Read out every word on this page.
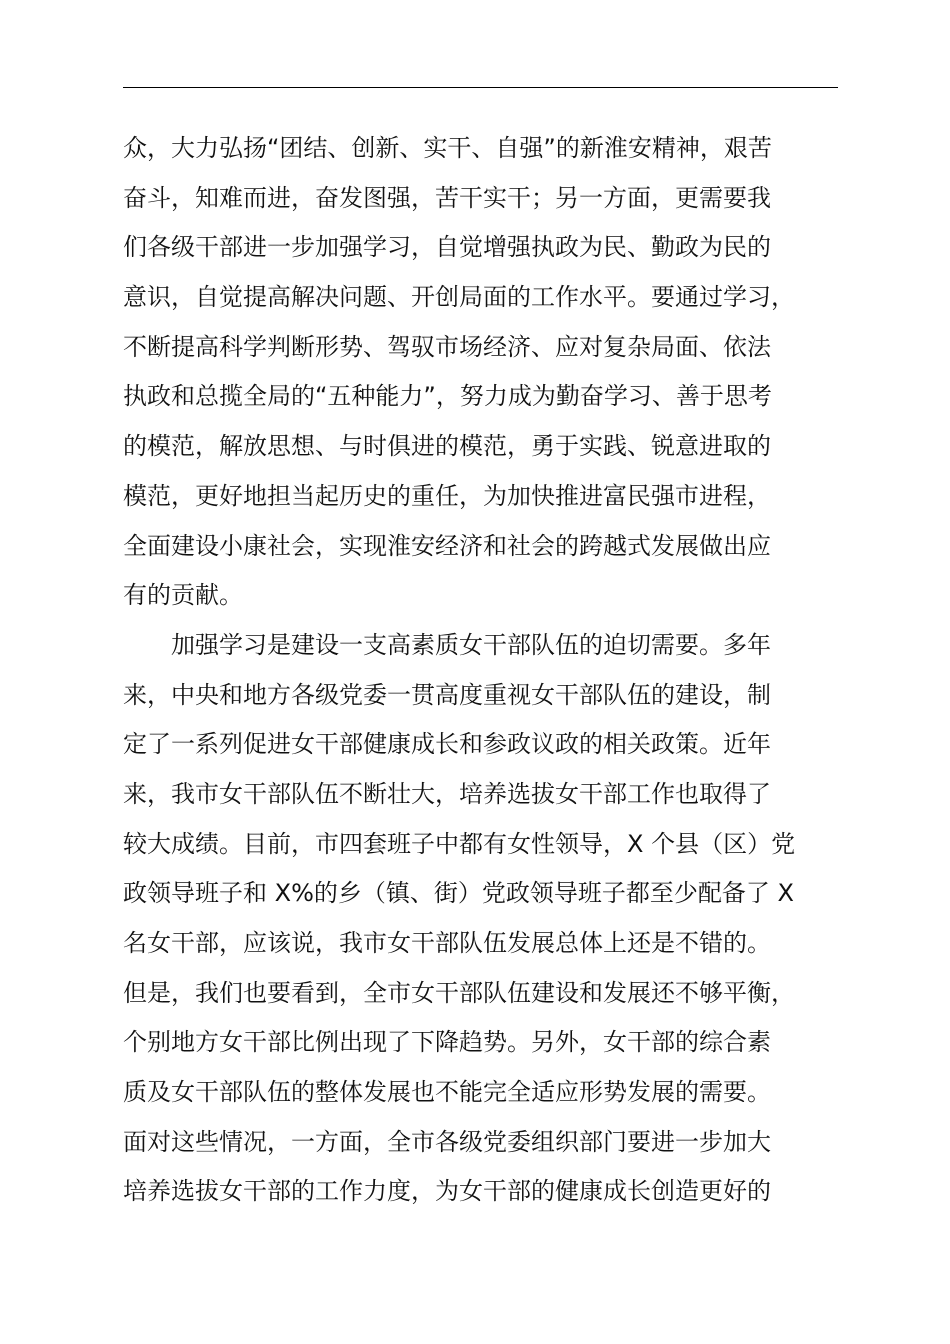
众，大力弘扬“团结、创新、实干、自强”的新淮安精神，艰苦
奋斗，知难而进，奋发图强，苦干实干；另一方面，更需要我
们各级干部进一步加强学习，自觉增强执政为民、勤政为民的
意识，自觉提高解决问题、开创局面的工作水平。要通过学习，
不断提高科学判断形势、驾驭市场经济、应对复杂局面、依法
执政和总揽全局的“五种能力”，努力成为勤奋学习、善于思考
的模范，解放思想、与时俱进的模范，勇于实践、锐意进取的
模范，更好地担当起历史的重任，为加快推进富民强市进程，
全面建设小康社会，实现淮安经济和社会的跨越式发展做出应
有的贡献。
加强学习是建设一支高素质女干部队伍的迫切需要。多年
来，中央和地方各级党委一贯高度重视女干部队伍的建设，制
定了一系列促进女干部健康成长和参政议政的相关政策。近年
来，我市女干部队伍不断壮大，培养选拔女干部工作也取得了
较大成绩。目前，市四套班子中都有女性领导，X 个县（区）党
政领导班子和 X%的乡（镇、街）党政领导班子都至少配备了 X
名女干部，应该说，我市女干部队伍发展总体上还是不错的。
但是，我们也要看到，全市女干部队伍建设和发展还不够平衡，
个别地方女干部比例出现了下降趋势。另外，女干部的综合素
质及女干部队伍的整体发展也不能完全适应形势发展的需要。
面对这些情况，一方面，全市各级党委组织部门要进一步加大
培养选拔女干部的工作力度，为女干部的健康成长创造更好的
